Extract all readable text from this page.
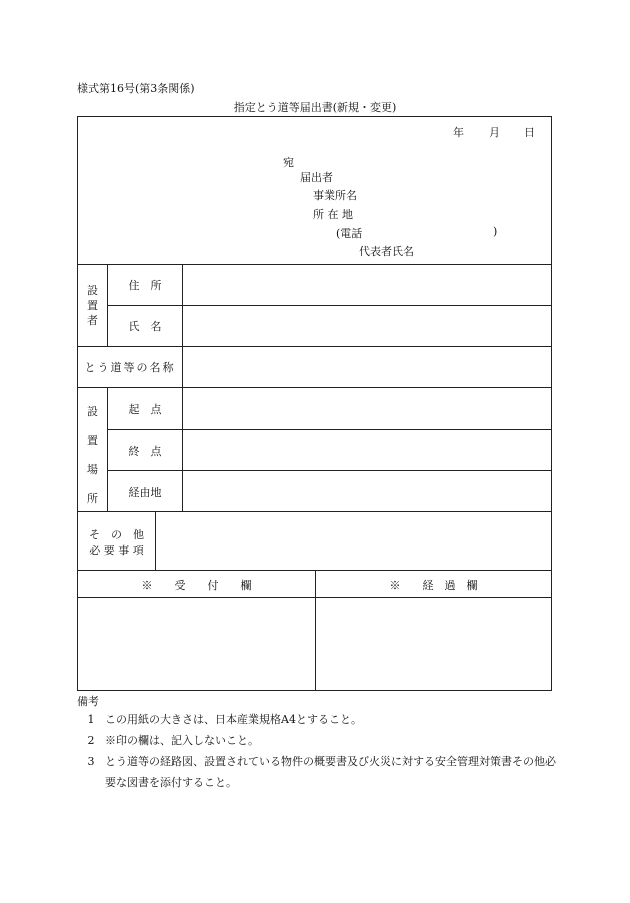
様式第16号(第3条関係)
指定とう道等届出書(新規・変更)
年 月 日
宛
届出者
事業所名
所 在 地
(電話	)
代表者氏名
設
置
者
住　所
氏　名
とう道等の名称
設
置
場
所
起　点
終　点
経由地
そ　の　他
必 要 事 項
※　　受　　付　　欄	※　　経　過　欄
備考
1 この用紙の大きさは、日本産業規格A4とすること。
2 ※印の欄は、記入しないこと。
3 とう道等の経路図、設置されている物件の概要書及び火災に対する安全管理対策書その他必要な図書を添付すること。
